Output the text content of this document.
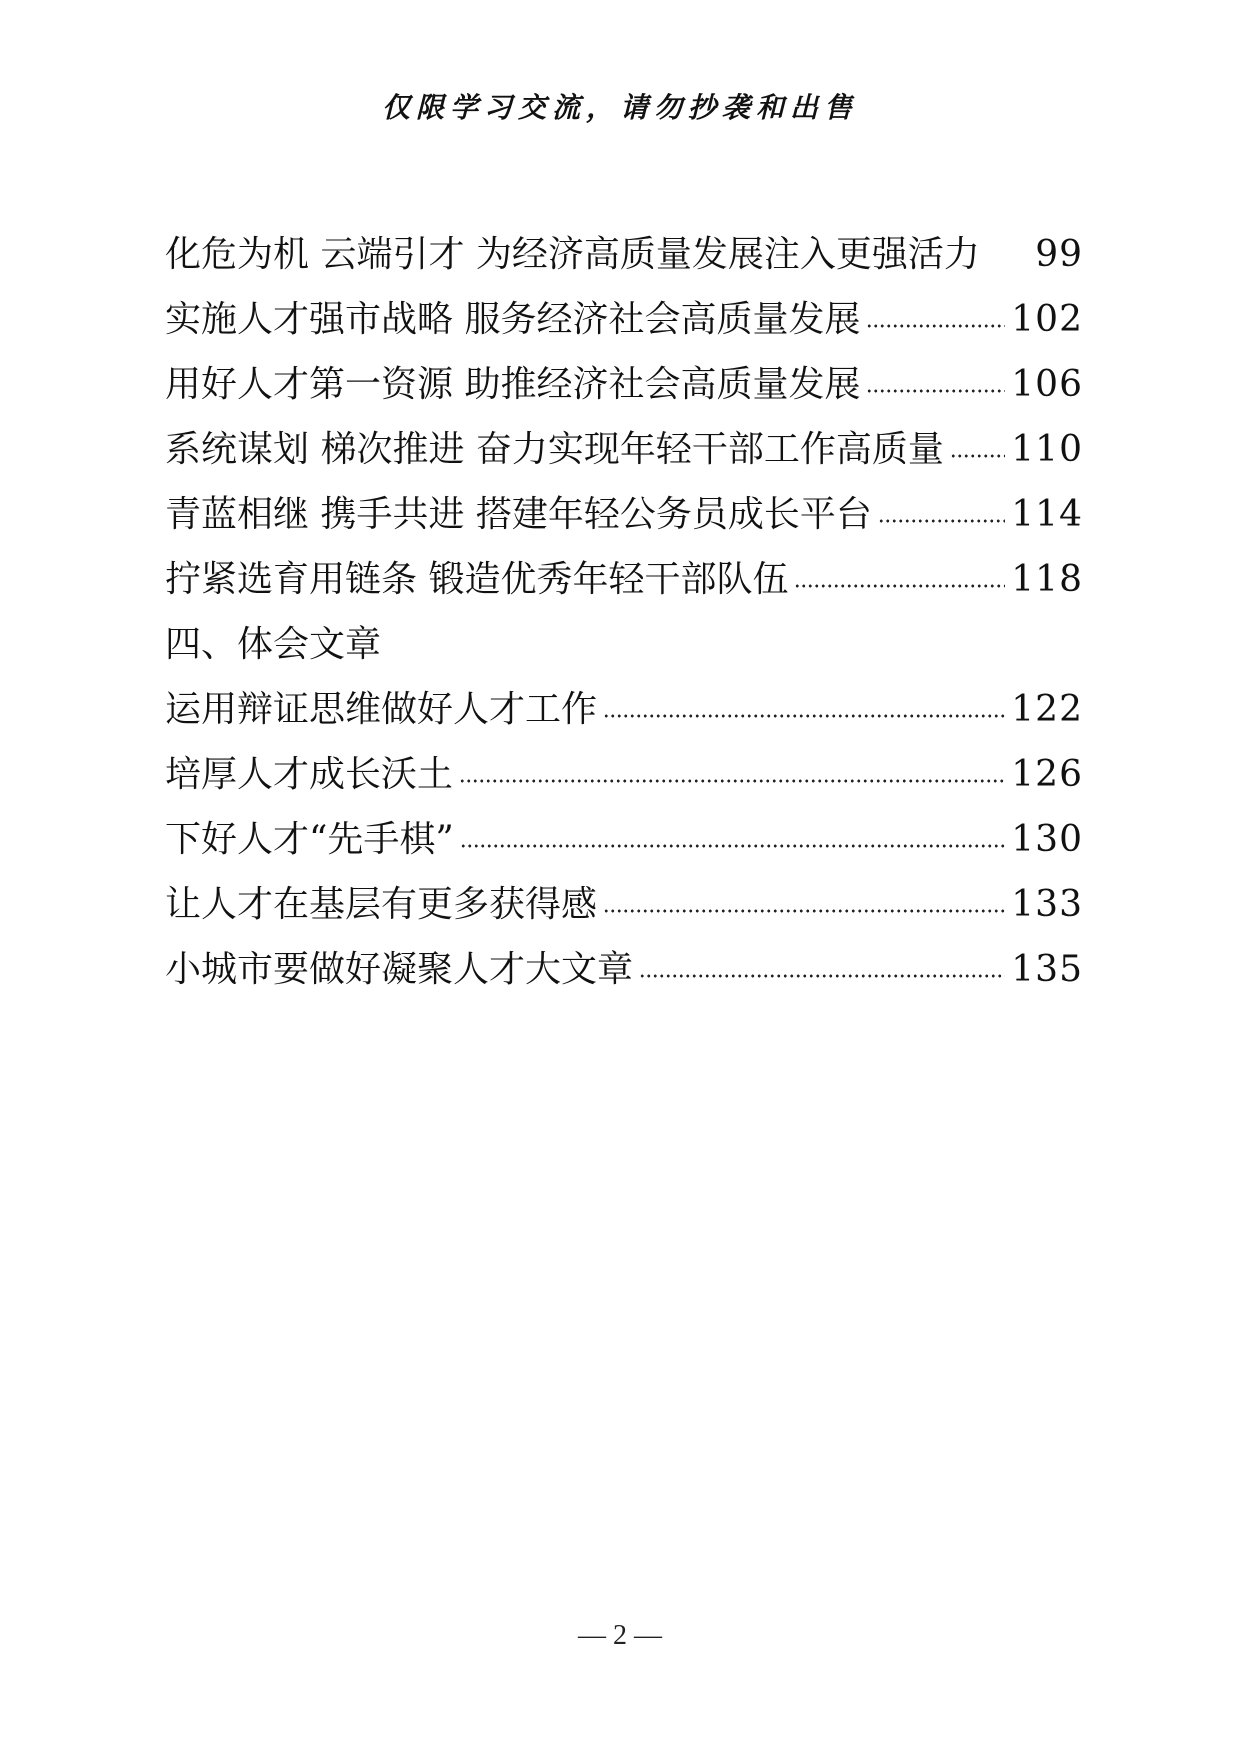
仅限学习交流，请勿抄袭和出售
化危为机 云端引才 为经济高质量发展注入更强活力 99
实施人才强市战略 服务经济社会高质量发展	102
用好人才第一资源 助推经济社会高质量发展	106
系统谋划 梯次推进 奋力实现年轻干部工作高质量 110
青蓝相继 携手共进 搭建年轻公务员成长平台	114
拧紧选育用链条 锻造优秀年轻干部队伍	118
四、体会文章
运用辩证思维做好人才工作	122
培厚人才成长沃土	126
下好人才“先手棋”	130
让人才在基层有更多获得感	133
小城市要做好凝聚人才大文章	135
— 2 —
